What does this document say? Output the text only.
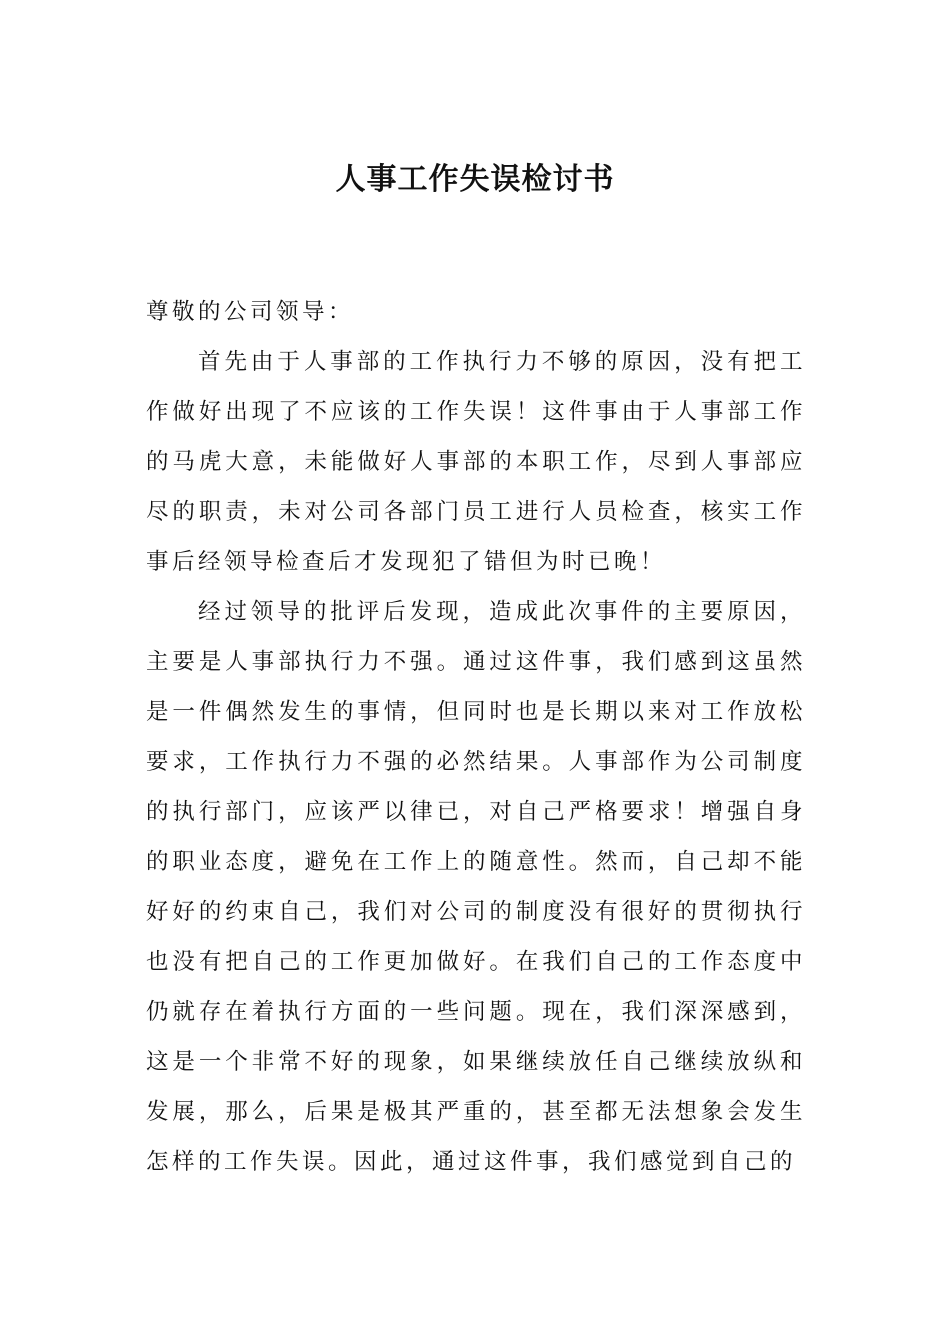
人事工作失误检讨书

尊敬的公司领导：

首先由于人事部的工作执行力不够的原因，没有把工作做好出现了不应该的工作失误！这件事由于人事部工作的马虎大意，未能做好人事部的本职工作，尽到人事部应尽的职责，未对公司各部门员工进行人员检查，核实工作事后经领导检查后才发现犯了错但为时已晚！

经过领导的批评后发现，造成此次事件的主要原因，主要是人事部执行力不强。通过这件事，我们感到这虽然是一件偶然发生的事情，但同时也是长期以来对工作放松要求，工作执行力不强的必然结果。人事部作为公司制度的执行部门，应该严以律已，对自己严格要求！增强自身的职业态度，避免在工作上的随意性。然而，自己却不能好好的约束自己，我们对公司的制度没有很好的贯彻执行也没有把自己的工作更加做好。在我们自己的工作态度中仍就存在着执行方面的一些问题。现在，我们深深感到，这是一个非常不好的现象，如果继续放任自己继续放纵和发展，那么，后果是极其严重的，甚至都无法想象会发生怎样的工作失误。因此，通过这件事，我们感觉到自己的
